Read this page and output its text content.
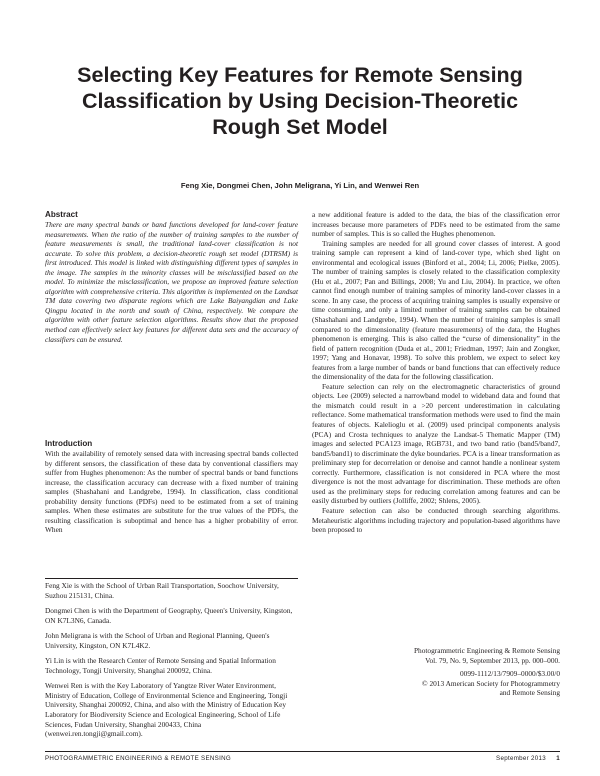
Selecting Key Features for Remote Sensing
Classification by Using Decision-Theoretic
Rough Set Model
Feng Xie, Dongmei Chen, John Meligrana, Yi Lin, and Wenwei Ren
Abstract

There are many spectral bands or band functions developed for land-cover feature measurements. When the ratio of the number of training samples to the number of feature measurements is small, the traditional land-cover classification is not accurate. To solve this problem, a decision-theoretic rough set model (DTRSM) is first introduced. This model is linked with distinguishing different types of samples in the image. The samples in the minority classes will be misclassified based on the model. To minimize the misclassification, we propose an improved feature selection algorithm with comprehensive criteria. This algorithm is implemented on the Landsat TM data covering two disparate regions which are Lake Baiyangdian and Lake Qingpu located in the north and south of China, respectively. We compare the algorithm with other feature selection algorithms. Results show that the proposed method can effectively select key features for different data sets and the accuracy of classifiers can be ensured.

Introduction

With the availability of remotely sensed data with increasing spectral bands collected by different sensors, the classification of these data by conventional classifiers may suffer from Hughes phenomenon: As the number of spectral bands or band functions increase, the classification accuracy can decrease with a fixed number of training samples (Shashahani and Landgrebe, 1994). In classification, class conditional probability density functions (PDFs) need to be estimated from a set of training samples. When these estimates are substitute for the true values of the PDFs, the resulting classification is suboptimal and hence has a higher probability of error. When

Feng Xie is with the School of Urban Rail Transportation, Soochow University, Suzhou 215131, China.

Dongmei Chen is with the Department of Geography, Queen's University, Kingston, ON K7L3N6, Canada.

John Meligrana is with the School of Urban and Regional Planning, Queen's University, Kingston, ON K7L4K2.

Yi Lin is with the Research Center of Remote Sensing and Spatial Information Technology, Tongji University, Shanghai 200092, China.

Wenwei Ren is with the Key Laboratory of Yangtze River Water Environment, Ministry of Education, College of Environmental Science and Engineering, Tongji University, Shanghai 200092, China, and also with the Ministry of Education Key Laboratory for Biodiversity Science and Ecological Engineering, School of Life Sciences, Fudan University, Shanghai 200433, China (wenwei.ren.tongji@gmail.com).

a new additional feature is added to the data, the bias of the classification error increases because more parameters of PDFs need to be estimated from the same number of samples. This is so called the Hughes phenomenon.

Training samples are needed for all ground cover classes of interest. A good training sample can represent a kind of land-cover type, which shed light on environmental and ecological issues (Binford et al., 2004; Li, 2006; Pielke, 2005). The number of training samples is closely related to the classification complexity (Hu et al., 2007; Pan and Billings, 2008; Yu and Liu, 2004). In practice, we often cannot find enough number of training samples of minority land-cover classes in a scene. In any case, the process of acquiring training samples is usually expensive or time consuming, and only a limited number of training samples can be obtained (Shashahani and Landgrebe, 1994). When the number of training samples is small compared to the dimensionality (feature measurements) of the data, the Hughes phenomenon is emerging. This is also called the “curse of dimensionality” in the field of pattern recognition (Duda et al., 2001; Friedman, 1997; Jain and Zongker, 1997; Yang and Honavar, 1998). To solve this problem, we expect to select key features from a large number of bands or band functions that can effectively reduce the dimensionality of the data for the following classification.

Feature selection can rely on the electromagnetic characteristics of ground objects. Lee (2009) selected a narrowband model to wideband data and found that the mismatch could result in a >20 percent underestimation in calculating reflectance. Some mathematical transformation methods were used to find the main features of objects. Kalelioglu et al. (2009) used principal components analysis (PCA) and Crosta techniques to analyze the Landsat-5 Thematic Mapper (TM) images and selected PCA123 image, RGB731, and two band ratio (band5/band7, band5/band1) to discriminate the dyke boundaries. PCA is a linear transformation as preliminary step for decorrelation or denoise and cannot handle a nonlinear system correctly. Furthermore, classification is not considered in PCA where the most divergence is not the most advantage for discrimination. These methods are often used as the preliminary steps for reducing correlation among features and can be easily disturbed by outliers (Jolliffe, 2002; Shlens, 2005).

Feature selection can also be conducted through searching algorithms. Metaheuristic algorithms including trajectory and population-based algorithms have been proposed to

Photogrammetric Engineering & Remote Sensing
Vol. 79, No. 9, September 2013, pp. 000–000.

0099-1112/13/7909–0000/$3.00/0
© 2013 American Society for Photogrammetry
and Remote Sensing

PHOTOGRAMMETRIC ENGINEERING & REMOTE SENSING	September 2013 1
